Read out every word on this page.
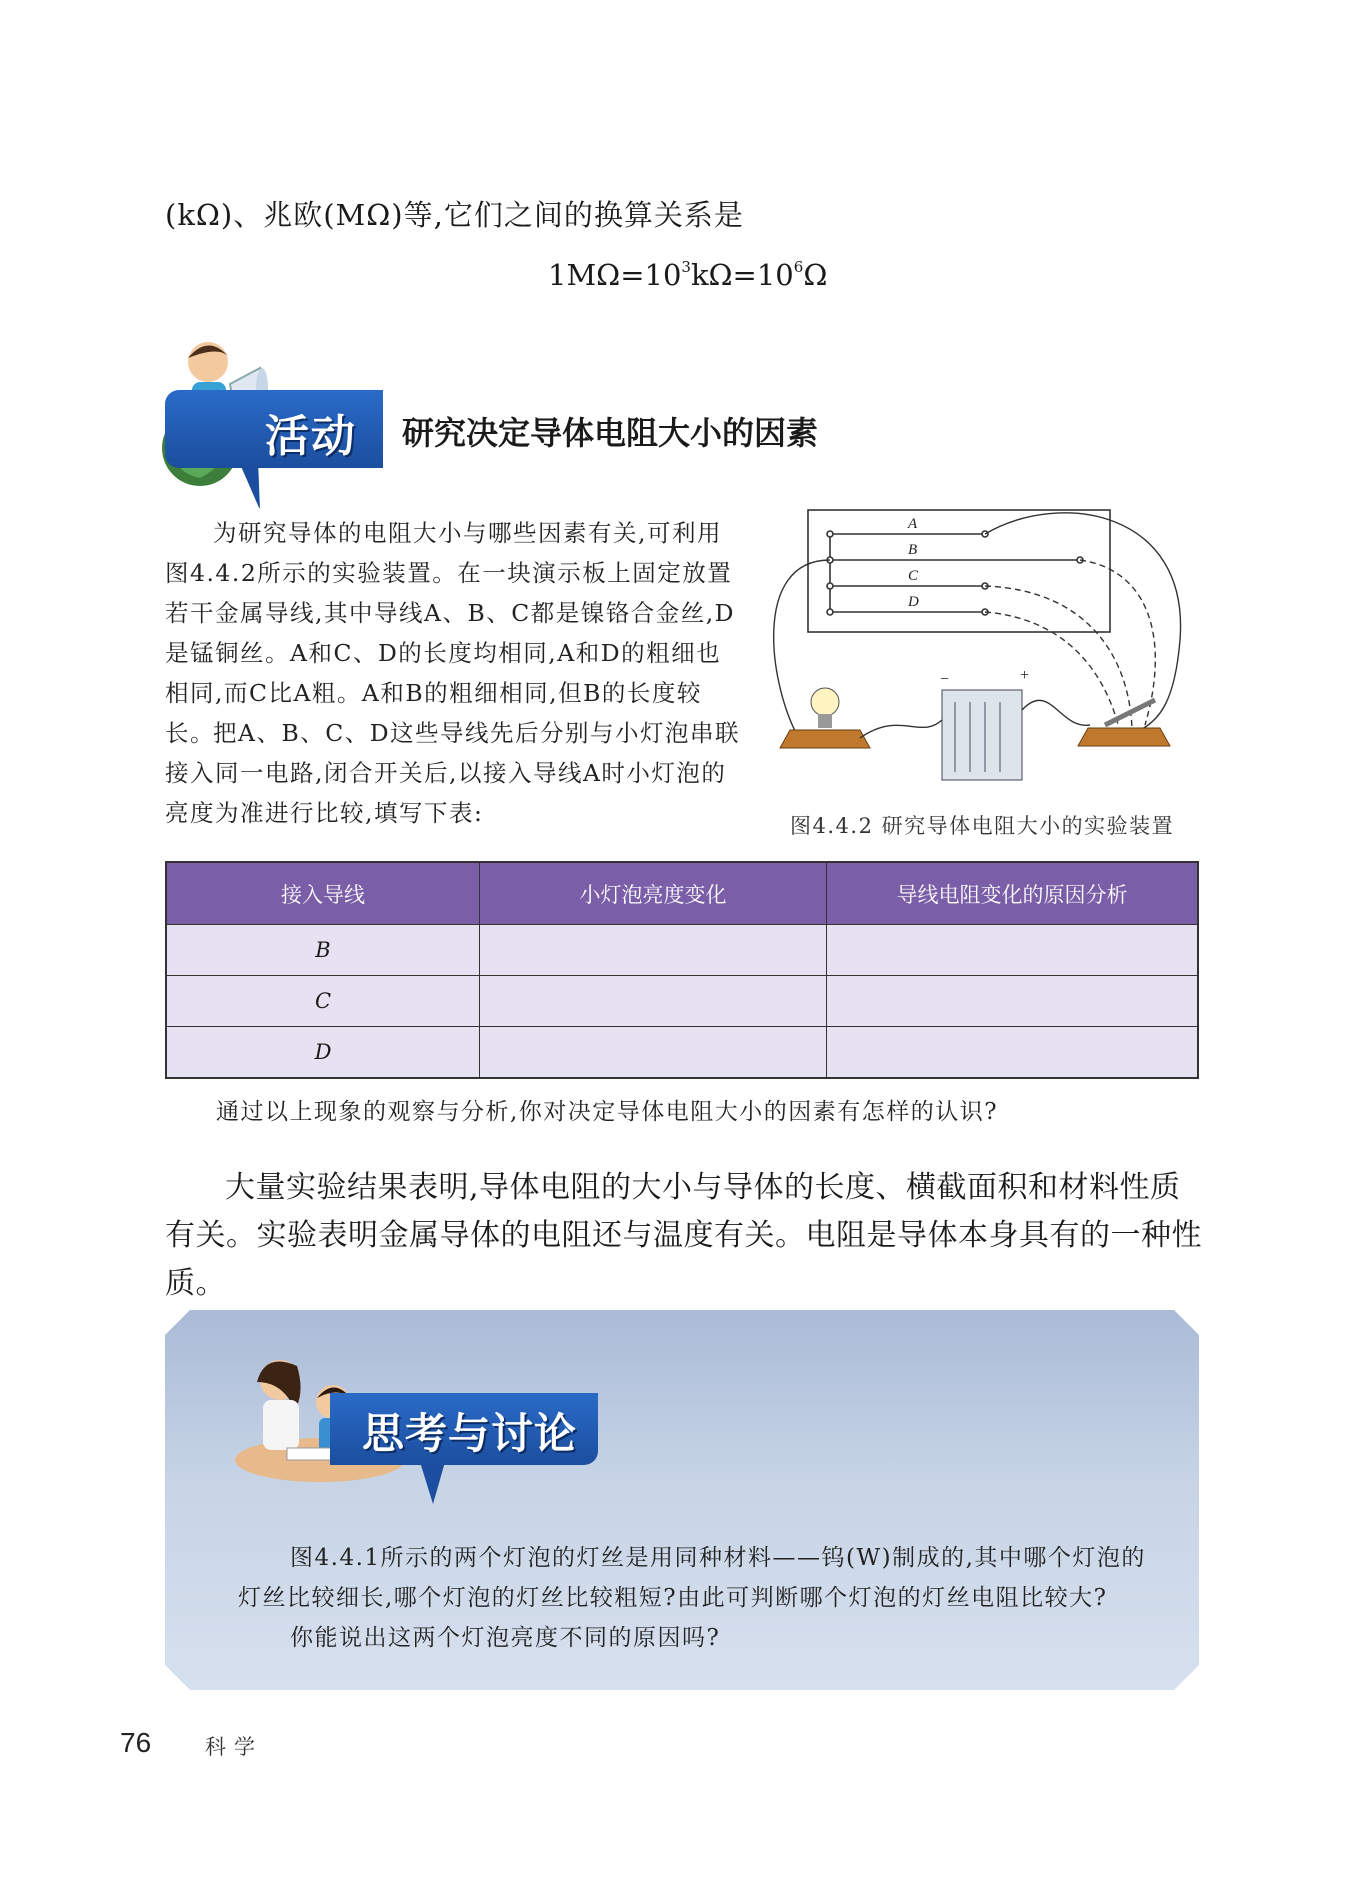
(kΩ)、兆欧(MΩ)等,它们之间的换算关系是
$1M\Omega=10^3k\Omega=10^6\Omega$
活动 研究决定导体电阻大小的因素
为研究导体的电阻大小与哪些因素有关,可利用图4.4.2所示的实验装置。在一块演示板上固定放置若干金属导线,其中导线A、B、C都是镍铬合金丝,D是锰铜丝。A和C、D的长度均相同,A和D的粗细也相同,而C比A粗。A和B的粗细相同,但B的长度较长。
把A、B、C、D这些导线先后分别与小灯泡串联接入同一电路,闭合开关后,以接入导线A时小灯泡的亮度为准进行比较,填写下表:
A
B
C
D
−	+
图4.4.2 研究导体电阻大小的实验装置
接入导线	小灯泡亮度变化	导线电阻变化的原因分析
B		
C		
D		
通过以上现象的观察与分析,你对决定导体电阻大小的因素有怎样的认识?
大量实验结果表明,导体电阻的大小与导体的长度、横截面积和材料性质有关。实验表明金属导体的电阻还与温度有关。电阻是导体本身具有的一种性质。
思考与讨论
图4.4.1所示的两个灯泡的灯丝是用同种材料——钨(W)制成的,其中哪个灯泡的灯丝比较细长,哪个灯泡的灯丝比较粗短?由此可判断哪个灯泡的灯丝电阻比较大?
你能说出这两个灯泡亮度不同的原因吗?
76	科学
